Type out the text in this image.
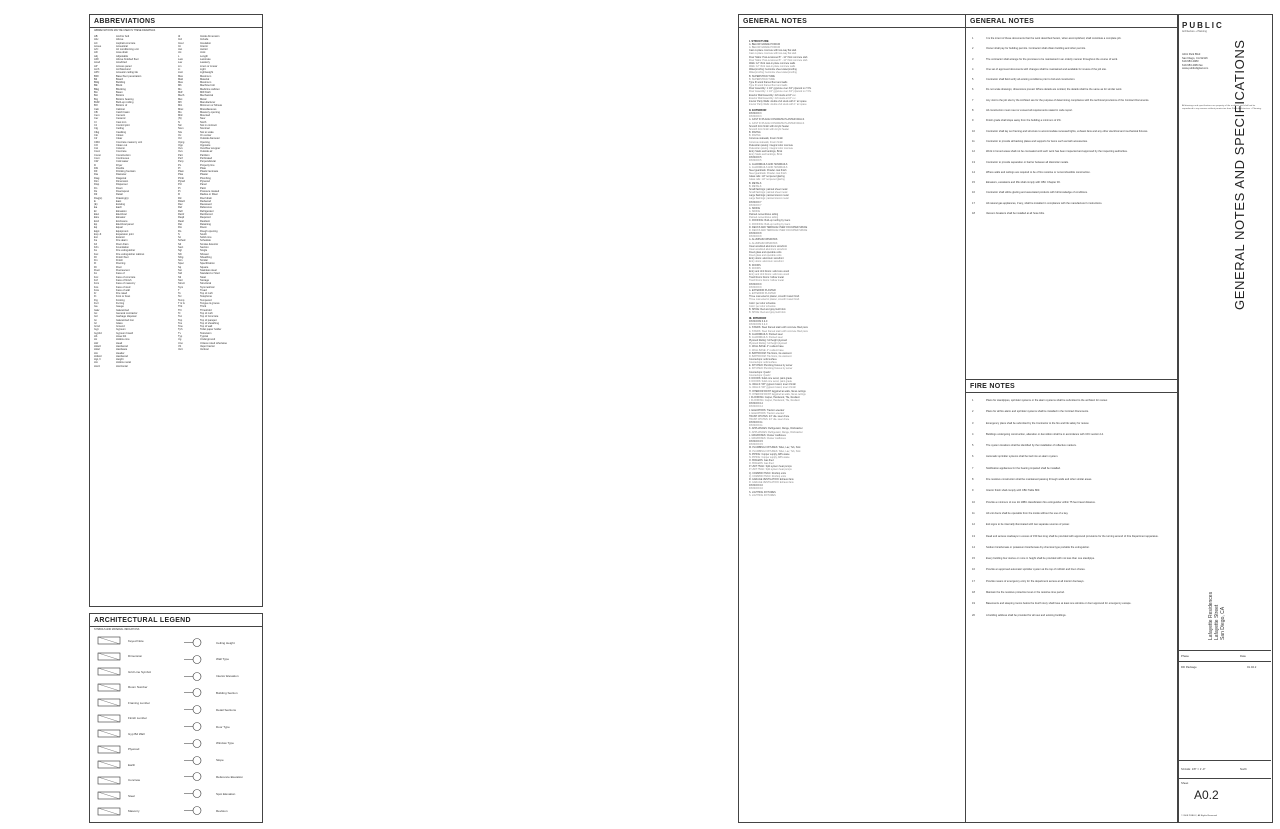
ABBREVIATIONS
ABBREVIATIONS MAY BE USED IN THESE DRAWINGS
AB	Anchor bolt
Abv	Above
AC	Asphalt concrete
Acous	Acoustical
A/C	Air conditioning unit
AD	Area drain
Adj	Adjustable
AFF	Above finished floor
Anod	Anodized
AP	Access panel
Arch	Architectural
APC	Acoustic ceiling tile
BFF	Base floor penetration
Bd	Board
Bldg	Building
Blk	Block
Blkg	Blocking
Bm	Beam
Bot	Bottom
Brg	Bottom bearing
BUR	Built-up roofing
BO	Bottom of
Cab	Cabinet
CB	Catch basin
Cem	Cement
Cer	Ceramic
CI	Cast iron
CJ	Control joint
Clg	Ceiling
Clkg	Caulking
Clo	Closet
Clr	Clear
CMU	Concrete masonry unit
CO	Clean out
Col	Column
Conc	Concrete
Const	Construction
Cont	Continuous
CW	Cold water
D	Dryer
Dbl	Double
DF	Drinking fountain
Dia	Diameter
Diag	Diagonal
Dim	Dimension
Disp	Dispenser
Dn	Down
Ds	Downspout
Dtl	Detail
Dwg(s)	Drawing(s)
E	East
(E)	Existing
Ea	Each
El	Elevation
Elec	Electrical
Elev	Elevator
Encl	Enclosure
Ep	Electrical panel
Eq	Equal
Eqpt	Equipment
Exp Jt	Expansion joint
Ext	Exterior
Fa	Fire alarm
Fd	Floor drain
Fdn	Foundation
Fe	Fire extinguisher
Fec	Fire extinguisher cabinet
Fh	Finish floor
Fin	Finish
Fl	Flooring
Flr	Floor
Fluor	Fluorescent
Fo	Face of
Foc	Face of concrete
Fof	Face of finish
Fom	Face of masonry
Fos	Face of stud
Fow	Face of wall
Fr	Fire rated
Ft	Foot or Feet
Ftg	Footing
Furr	Furring
Ga	Gauge
Galv	Galvanized
Gc	General contractor
Gd	Garbage disposal
Gi	Galvanized iron
Gl	Glass
Grnd	Ground
Gyp	Gypsum
Gypbd	Gypsum board
Hb	Hose bib
Hc	Hollow core
Hdr	Head
Hdwd	Hardwood
Hdwr	Hardware
Hm	Header
Hrdwd	Hardwood
Hgt, h	Height
Hm	Hollow metal
Horiz	Horizontal
Id	Inside dimension
Incl	Include
Insul	Insulation
Int	Interior
Jan	Janitor
Jst	Joist
L	Length
Lam	Laminate
Lav	Lavatory
Lin	Linen or Linear
Lt	Light
Ltwt	Lightweight
Max	Maximum
Matl	Material
Max	Maximum
Mb	Machine bolt
Mo	Medicine cabinet
Mdf	Mill finish
Mech	Mechanical
Met	Metal
Mfr	Manufacturer
Min	Minimum or Minute
Misc	Miscellaneous
Mo	Masonry opening
Mtd	Mounted
(N)	New
N	North
Nic	Not in contract
Nom	Nominal
Nts	Not to scale
Oc	On center
Od	Outside diameter
Opng	Opening
Opp	Opposite
Ovs	Overflow scupper
Ovs	Outside air
Part	Partition
Perf	Perforated
Perp	Perpendicular
PL	Property line
Pl	Plate
Plam	Plastic laminate
Plas	Plaster
Plmb	Plumbing
Plywd	Plywood
Pnl	Panel
Pt	Paint
Pt	Pressure treated
R	Radius or Riser
Rd	Roof drain
Rdwd	Redwood
Rec	Recessed
Ref	Reference
Refr	Refrigerator
Reinf	Reinforced
Reqd	Required
Resil	Resilient
Ret	Retaining
Rm	Room
Ro	Rough opening
S	South
Sc	Solid core
Sched	Schedule
Sd	Smoke detector
Sect	Section
Sgl	Single
Shr	Shower
Shtg	Sheathing
Sim	Similar
Spec	Specification
Sq	Square
Sst	Stainless steel
Std	Standard or Stud
Stl	Steel
Stor	Storage
Struct	Structural
Sym	Symmetrical
T	Tread
To	Top of curb
Tel	Telephone
Temp	Tempered
T & G	Tongue & groove
Thk	Thick
Thr	Threshold
Tc	Top of curb
Toc	Top of Concrete
Top	Top of parapet
Tos	Top of sheathing
Tow	Top of wall
Tph	Toilet paper holder
Tv	Television
Typ	Typical
Ug	Underground
Uno	Unless noted otherwise
Vb	Vapor barrier
Vert	Vertical
ARCHITECTURAL LEGEND
SYMBOLS AND MATERIAL INDICATIONS
Keyed Note
Dimension
Grid Line Symbol
Room Number
Framing Lumber
Finish Lumber
Gyp Bd Wall
Plywood
Earth
Concrete
Steel
Masonry
Ceiling Height
Wall Type
Interior Elevation
Building Section
Detail Sections
Door Type
Window Type
Slope
Reference Elevation
Spot Elevation
Revision
GENERAL NOTES
I. STRUCTURE
A. BELOW GRADE PODIUM
A. BELOW GRADE PODIUM
Cast-in-place concrete with two-way flat slab
Cast-in-place concrete with two-way flat slab
Floor Slabs: Post-tensioned 8" - 12" thick concrete slab
Floor Slabs: Post-tensioned 8" - 12" thick concrete slab
Walls: 12" thick cast-in-place concrete walls
Walls: 12" thick cast-in-place concrete walls
Waterproofing: bentonite sheet waterproofing
Waterproofing: bentonite sheet waterproofing
B. SUPERSTRUCTURE
B. SUPERSTRUCTURE
Type III wood framed floor and walls
Type III wood framed floor and walls
Floor Assembly: 1 1/2" gypcrete over 3/4" plywood on TJI's
Floor Assembly: 1 1/2" gypcrete over 3/4" plywood on TJI's
Exterior Wall Assembly: 2x6 studs at 16" o.c.
Exterior Wall Assembly: 2x6 studs at 16" o.c.
Interior Party Walls: double 2x4 studs with 1" air space
Interior Party Walls: double 2x4 studs with 1" air space
II. EXTERIOR
DIVISION 3
DIVISION 3
A. CAST IN PLACE CONCRETE PLANTER WALLS
A. CAST IN PLACE CONCRETE PLANTER WALLS
Smooth form finish with Acrylic Sealer
Smooth form finish with Acrylic Sealer
B. PAVING
B. PAVING
Concrete sidewalk, broom finish
Concrete sidewalk, broom finish
Pedestrian paving: integral color concrete
Pedestrian paving: integral color concrete
Entry Stairs and landings, Brick
Entry Stairs and landings, Brick
DIVISION 5
DIVISION 5
A. GUARDRAILS AND HANDRAILS
A. GUARDRAILS AND HANDRAILS
Steel guardrails: Powder coat finish
Steel guardrails: Powder coat finish
Glass rails: 1/2" tempered glazing
Glass rails: 1/2" tempered glazing
B. METALS
B. METALS
Small flashings: painted sheet metal
Small flashings: painted sheet metal
Large flashings: painted stucco metal
Large flashings: painted stucco metal
DIVISION 7
DIVISION 7
A. SIDING
A. SIDING
Painted cementitious siding
Painted cementitious siding
C. ROOFING: Built-up roofing by Gaco
C. ROOFING: Built-up roofing by Gaco
D. DECKS AND TERRACE OVER OCCUPIED SPACE
D. DECKS AND TERRACE OVER OCCUPIED SPACE
DIVISION 8
DIVISION 8
A. ALUMINUM WINDOWS
A. ALUMINUM WINDOWS
Clear anodized aluminum storefront
Clear anodized aluminum storefront
Fixed glass and operable units
Fixed glass and operable units
Entry doors: aluminum storefront
Entry doors: aluminum storefront
B. DOORS
B. DOORS
Entry and Unit Doors: solid core wood
Entry and Unit Doors: solid core wood
Trash Room Doors: hollow metal
Trash Room Doors: hollow metal
DIVISION 9
DIVISION 9
A. EXTERIOR PLASTER
A. EXTERIOR PLASTER
Three coat exterior plaster, smooth trowel finish
Three coat exterior plaster, smooth trowel finish
Color: per color schedule
Color: per color schedule
B. SPICE: Red and gray field brick
B. SPICE: Red and gray field brick
III. INTERIOR
DIVISIONS 6 & 9
DIVISIONS 6 & 9
A. STAIRS: Steel framed stairs with concrete filled pans
A. STAIRS: Steel framed stairs with concrete filled pans
B. GUARDRAILS: Painted steel
B. GUARDRAILS: Painted steel
Plywood Railing: full height plywood
Plywood Railing: full height plywood
C. WALL BASE: 4" resilient base
C. WALL BASE: 4" resilient base
D. BATHROOM: Tile floors, tile wainscot
D. BATHROOM: Tile floors, tile wainscot
Countertops: solid surface
Countertops: solid surface
E. KITCHEN: Plumbing fixtures by owner
E. KITCHEN: Plumbing fixtures by owner
Countertops: Quartz
Countertops: Quartz
F. DOORS: Solid core wood, paint grade
F. DOORS: Solid core wood, paint grade
G. WALLS: 5/8" gypsum board, level 4 finish
G. WALLS: 5/8" gypsum board, level 4 finish
H. INTERIOR PAINT: Eggshell at walls, flat at ceilings
H. INTERIOR PAINT: Eggshell at walls, flat at ceilings
I. FLOORING: Carpet, Hardwood, Tile, Resilient
I. FLOORING: Carpet, Hardwood, Tile, Resilient
DIVISION 14
DIVISION 14
J. ELEVATORS: Traction elevator
J. ELEVATORS: Traction elevator
TRASH CHUTES: 24" dia. steel chute
TRASH CHUTES: 24" dia. steel chute
DIVISION 11
DIVISION 11
K. APPLIANCES: Refrigerator, Range, Dishwasher
K. APPLIANCES: Refrigerator, Range, Dishwasher
L. MAILBOXES: Cluster mailboxes
L. MAILBOXES: Cluster mailboxes
DIVISION 15
DIVISION 15
M. PLUMBING FIXTURES: Toilet, Lav, Tub, Sink
M. PLUMBING FIXTURES: Toilet, Lav, Tub, Sink
N. PIPING: Copper supply, ABS waste
N. PIPING: Copper supply, ABS waste
O. BOILERS: Gas fired
O. BOILERS: Gas fired
P. UNIT HVAC: Split system heat pumps
P. UNIT HVAC: Split system heat pumps
Q. COMMON HVAC: Rooftop units
Q. COMMON HVAC: Rooftop units
R. GARAGE VENTILATION: Exhaust fans
R. GARAGE VENTILATION: Exhaust fans
DIVISION 16
DIVISION 16
S. LIGHTING FIXTURES
S. LIGHTING FIXTURES
GENERAL NOTES
1	It is the intent of these documents that the work described herein, when accomplished, shall constitute a complete job.
2	Owner shall pay for building permits. Contractor shall obtain building and other permits.
3	The contractor shall arrange for the premises to be maintained in an orderly manner throughout the course of work.
4	One set of approved documents with changes shall be maintained and available for review of the job site.
5	Contractor shall field verify all existing conditions prior to bid and construction.
6	Do not scale drawings; dimensions prevail. Where details are omitted, the details shall be the same as for similar work.
7	Any visit to the job site by the Architect are for the purpose of determining compliance with the technical provisions of the Contract Documents.
8	All construction must meet or exceed all requirements stated in code report.
9	Finish grade shall slope away from the building a minimum of 2%.
10	Contractor shall lay out framing and structure to accommodate recessed lights, exhaust fans and any other electrical and mechanical fixtures.
11	Contractor to provide all backing plates and supports for items such as bath accessories.
12	Work in fumed areas shall not be concealed until such work has been inspected and approved by the inspecting authorities.
13	Contractor to provide separation or barrier between all dissimilar metals.
14	Where walls and ceilings are required to be of fire resistive or noncombustible construction.
15	Elevators, escalators and lifts shall comply with CBC Chapter 30.
16	Contractor shall utilize glazing and associated products with full knowledge of conditions.
17	All natural gas appliances, if any, shall be installed in compliance with the manufacturer's instructions.
18	Vacuum breakers shall be installed at all hose bibs.
FIRE NOTES
1	Plans for standpipes, sprinkler systems or fire alarm systems shall be submitted to the architect for review.
2	Plans for all fire alarm and sprinkler systems shall be installed in the Contract Documents.
3	Emergency plans shall be submitted by the Contractor to the fire and life safety for review.
4	Buildings undergoing construction, alteration or demolition shall be in accordance with CFC section 14.
5	The system locations shall be identified by the installation of reflective markers.
6	Automatic sprinkler systems shall be tied into an alarm system.
7	Notification appliances for the hearing impaired shall be installed.
8	Fire resistive construction shall be maintained passing through walls and other similar areas.
9	Interior finish shall comply with CBC Table 803.
10	Provide a minimum of one 2A 10BC classification fire extinguisher within 75 feet travel distance.
11	All unit doors shall be openable from the inside without the use of a key.
12	Exit signs to be internally illuminated with two separate sources of power.
13	Dead end access roadways in excess of 150 feet long shall be provided with approved provisions for the turning around of Fire Department apparatus.
14	Sodium bicarbonate or potassium bicarbonate dry-chemical type portable fire extinguisher.
15	Every building four stories or more in height shall be provided with not less than one standpipe.
16	Provide an approved automatic sprinkler system at the top of rubbish and linen chutes.
17	Provide means of emergency entry for fire department access at all interior doorways.
18	Maintain the fire resistive protection level or fire resistive time period.
19	Basements and sleeping rooms below the fourth story shall have at least one window or door approved for emergency escape.
20	A building address shall be provided for all new and existing buildings.
PUBLIC
Architecture + Planning
4441 Park Blvd
San Diego, CA 92116
619.683.4083
619.683.4084 fax
www.publicdigital.com
All drawings and specifications are property of the architect and shall not be reproduced in any manner without permission from Public Architecture + Planning.
GENERAL NOTES AND SPECIFICATIONS
Lafayette Residences Lafayette Street San Diego, CA
Phase	Date
DD Package	01.02.2
SCALE: 1/8" = 1'-0"	North
Sheet
A0.2
© 2008 PUBLIC, All Rights Reserved
